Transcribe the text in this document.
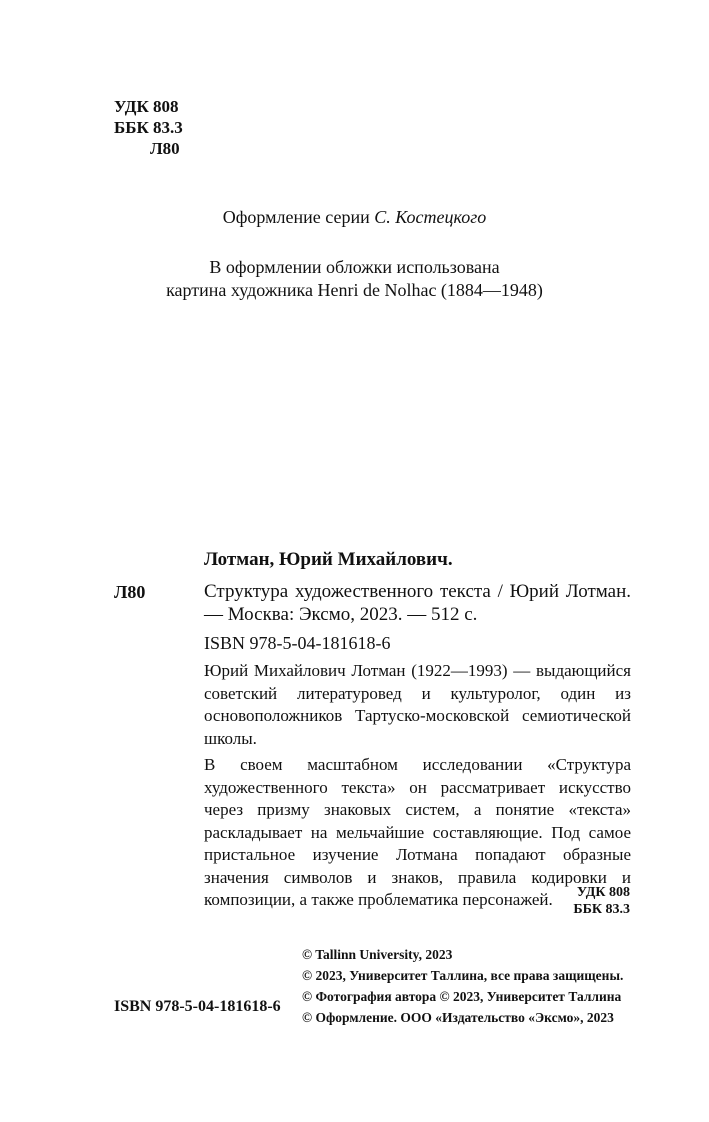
УДК 808
ББК 83.3
Л80
Оформление серии С. Костецкого
В оформлении обложки использована
картина художника Henri de Nolhac (1884—1948)
Лотман, Юрий Михайлович.
Л80	Структура художественного текста / Юрий Лотман. — Москва: Эксмо, 2023. — 512 с.
ISBN 978-5-04-181618-6

Юрий Михайлович Лотман (1922—1993) — выдающийся советский литературовед и культуролог, один из основоположников Тартуско-московской семиотической школы.

В своем масштабном исследовании «Структура художественного текста» он рассматривает искусство через призму знаковых систем, а понятие «текста» раскладывает на мельчайшие составляющие. Под самое пристальное изучение Лотмана попадают образные значения символов и знаков, правила кодировки и композиции, а также проблематика персонажей.	УДК 808
ББК 83.3
© Tallinn University, 2023
© 2023, Университет Таллина, все права защищены.
© Фотография автора © 2023, Университет Таллина
© Оформление. ООО «Издательство «Эксмо», 2023
ISBN 978-5-04-181618-6
